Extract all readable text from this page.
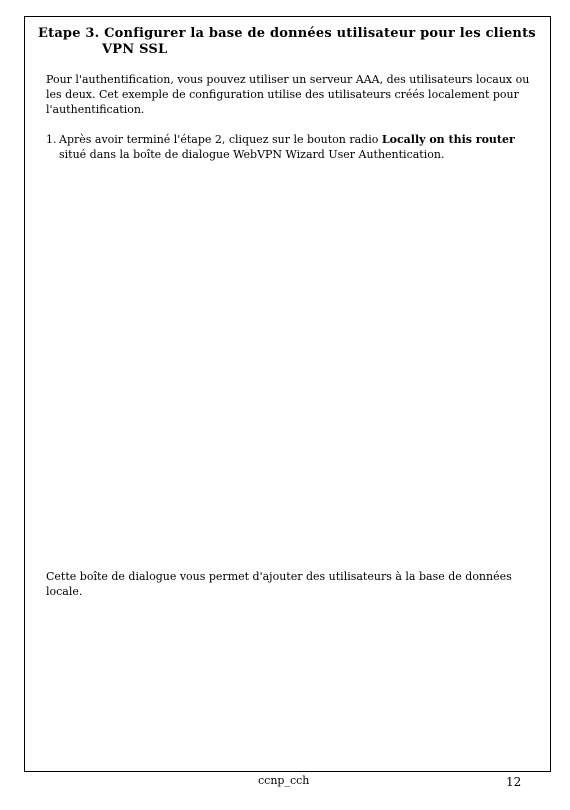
Etape 3. Configurer la base de données utilisateur pour les clients
VPN SSL
Pour l'authentification, vous pouvez utiliser un serveur AAA, des utilisateurs locaux ou les deux. Cet exemple de configuration utilise des utilisateurs créés localement pour l'authentification.
1. Après avoir terminé l'étape 2, cliquez sur le bouton radio Locally on this router situé dans la boîte de dialogue WebVPN Wizard User Authentication.
Cette boîte de dialogue vous permet d'ajouter des utilisateurs à la base de données locale.
ccnp_cch	12
